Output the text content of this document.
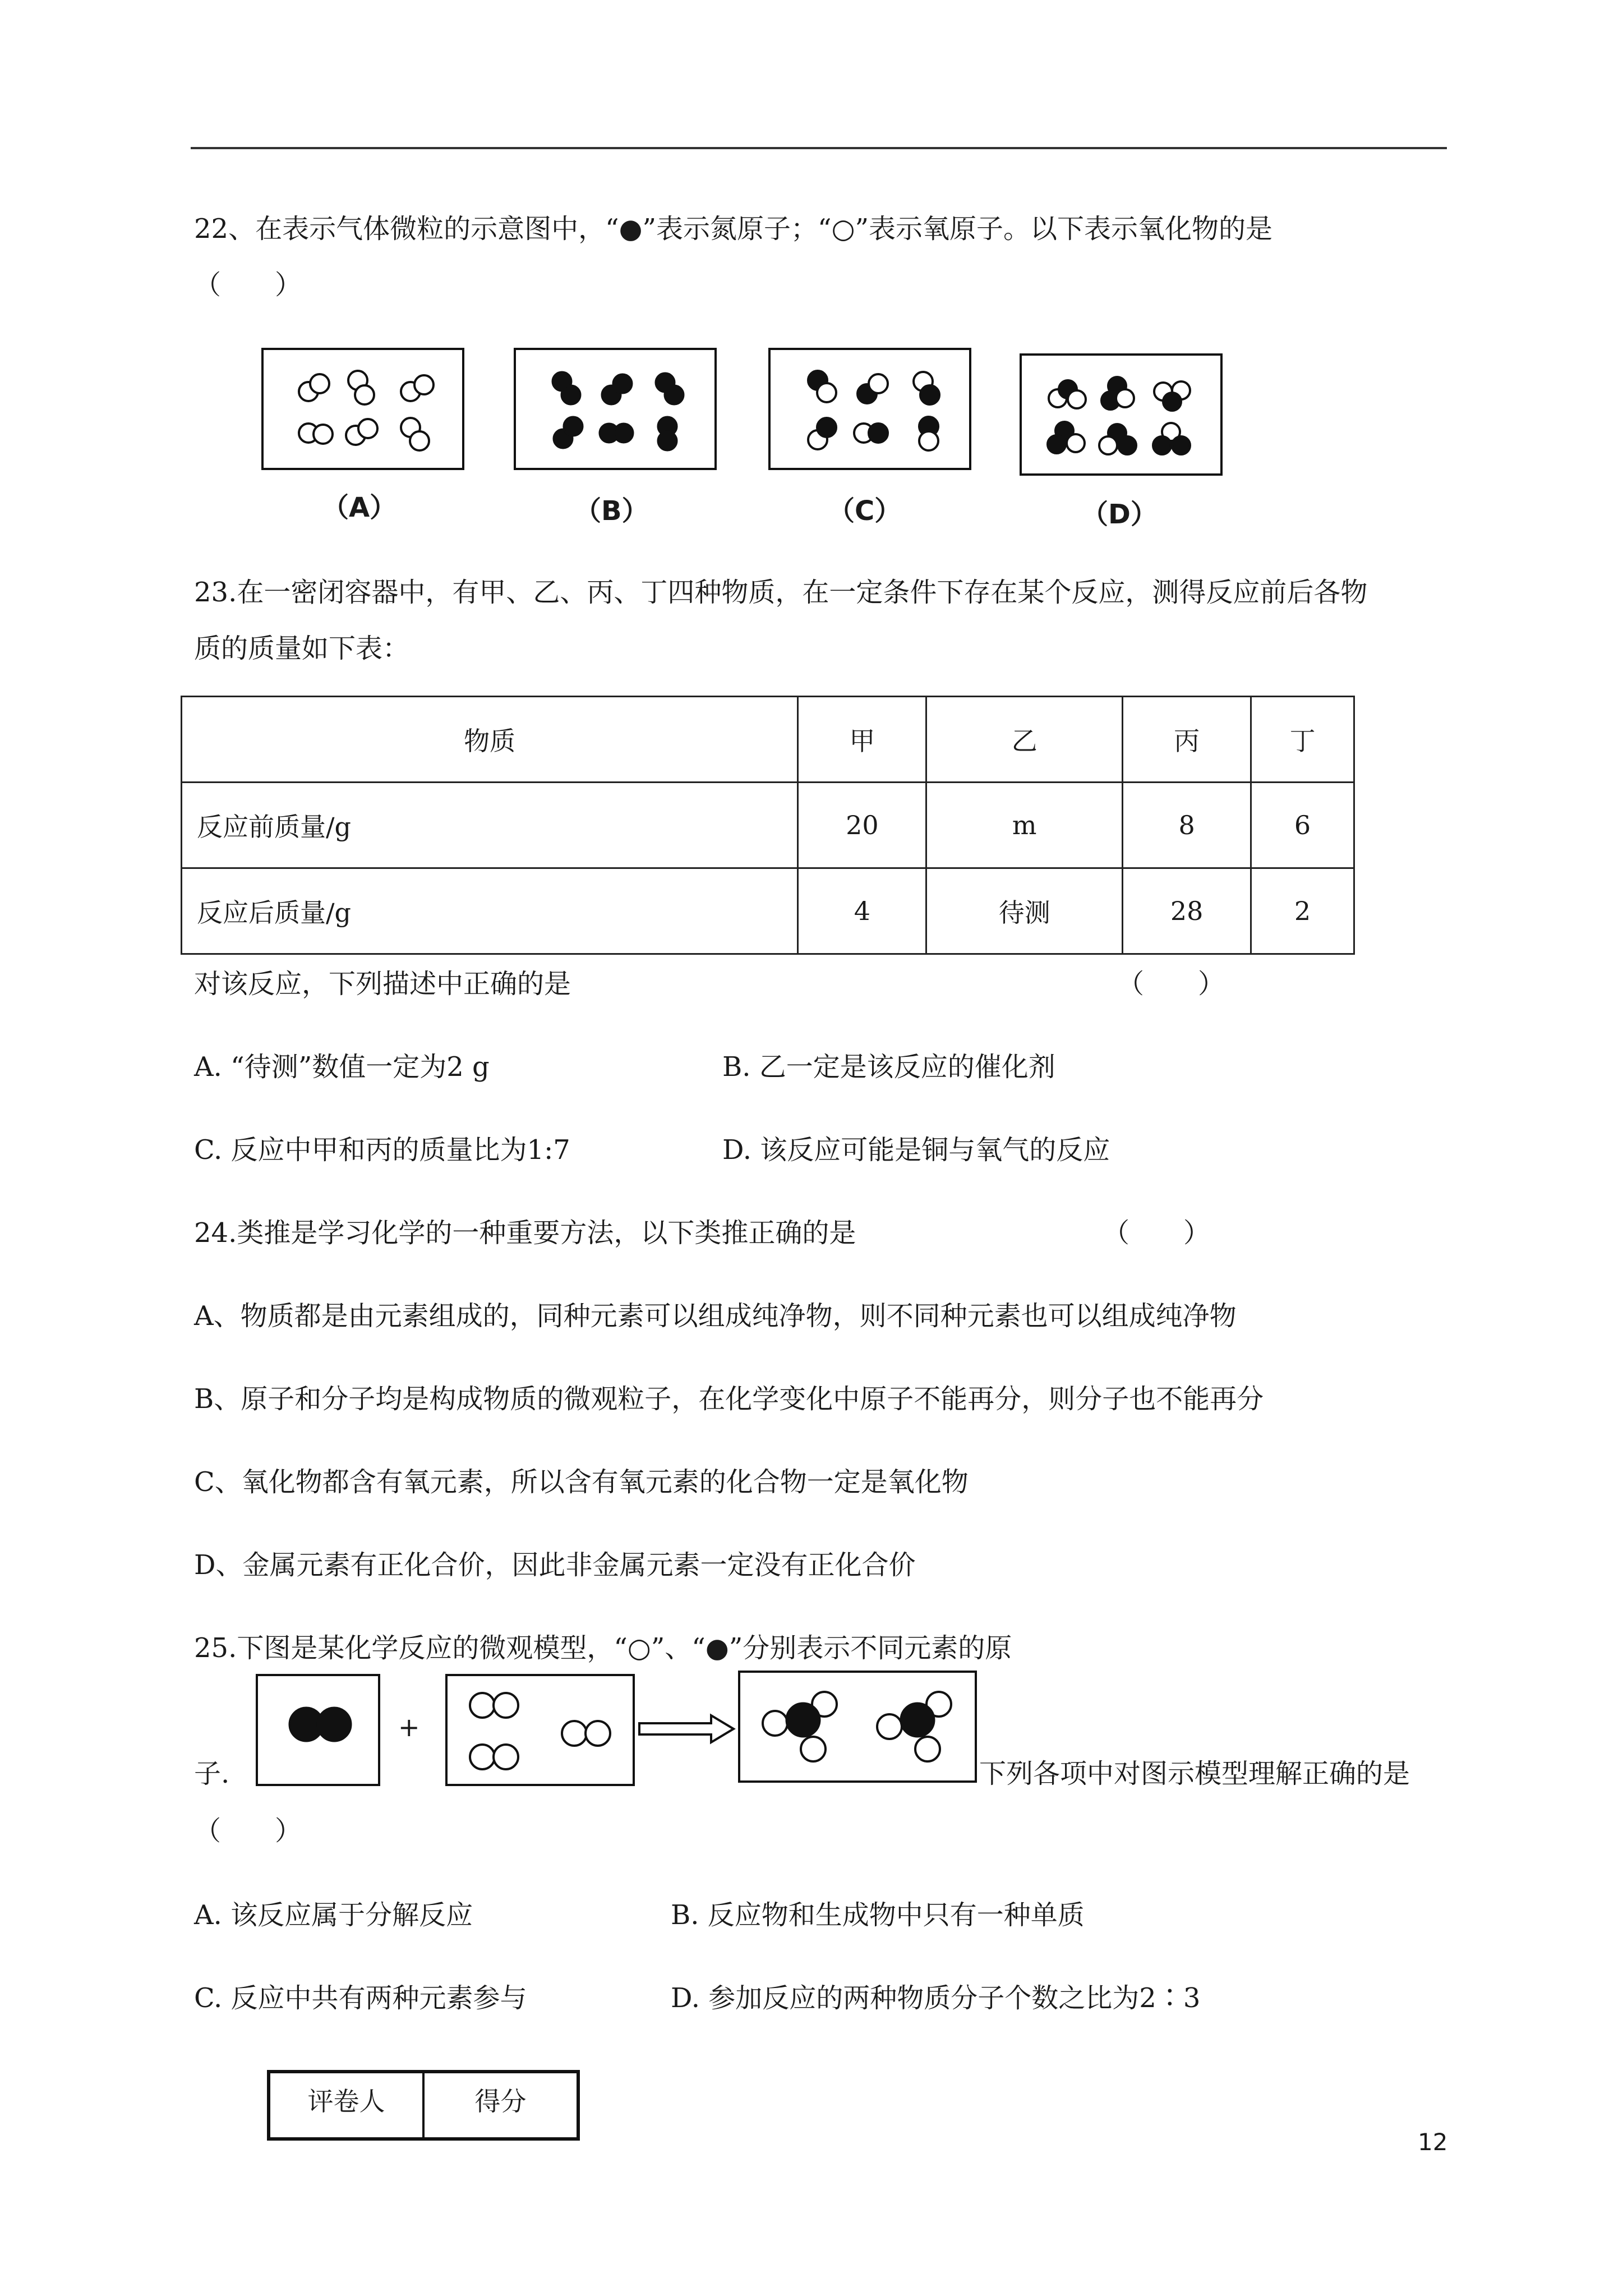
22、在表示气体微粒的示意图中，“●”表示氮原子；“○”表示氧原子。以下表示氧化物的是
（　　）
（A）	（B）	（C）	（D）
23.在一密闭容器中，有甲、乙、丙、丁四种物质，在一定条件下存在某个反应，测得反应前后各物
质的质量如下表：
物质	甲	乙	丙	丁
反应前质量/g	20	m	8	6
反应后质量/g	4	待测	28	2
对该反应，下列描述中正确的是	（　　）
A. “待测”数值一定为2 g	B. 乙一定是该反应的催化剂
C. 反应中甲和丙的质量比为1:7	D. 该反应可能是铜与氧气的反应
24.类推是学习化学的一种重要方法，以下类推正确的是	（　　）
A、物质都是由元素组成的，同种元素可以组成纯净物，则不同种元素也可以组成纯净物
B、原子和分子均是构成物质的微观粒子，在化学变化中原子不能再分，则分子也不能再分
C、氧化物都含有氧元素，所以含有氧元素的化合物一定是氧化物
D、金属元素有正化合价，因此非金属元素一定没有正化合价
25.下图是某化学反应的微观模型，“○”、“●”分别表示不同元素的原
+
子.	下列各项中对图示模型理解正确的是
（　　）
A. 该反应属于分解反应	B. 反应物和生成物中只有一种单质
C. 反应中共有两种元素参与	D. 参加反应的两种物质分子个数之比为2∶3
评卷人	得分
12
